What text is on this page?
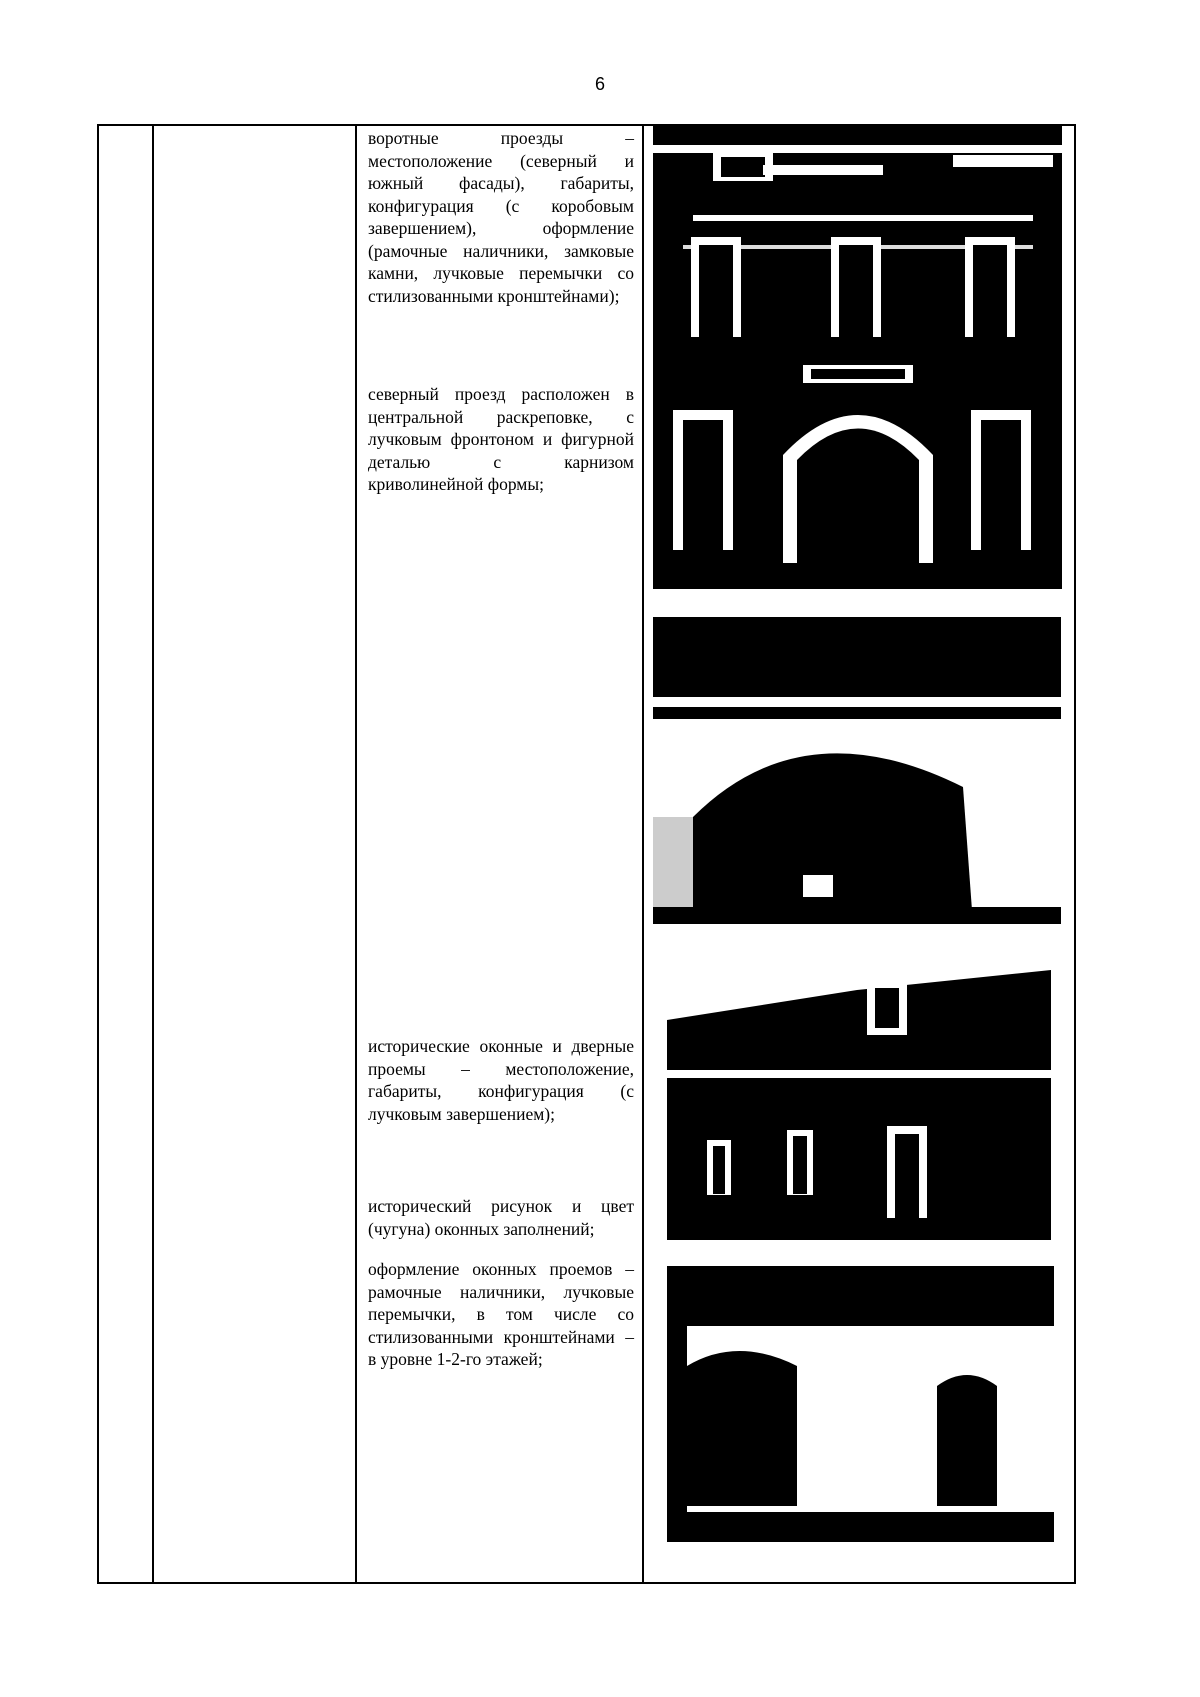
6
воротные проезды – местоположение (северный и южный фасады), габариты, конфигурация (с коробовым завершением), оформление (рамочные наличники, замковые камни, лучковые перемычки со стилизованными кронштейнами);
северный проезд расположен в центральной раскреповке, с лучковым фронтоном и фигурной деталью с карнизом криволинейной формы;
исторические оконные и дверные проемы – местоположение, габариты, конфигурация (с лучковым завершением);
исторический рисунок и цвет (чугуна) оконных заполнений;
оформление оконных проемов – рамочные наличники, лучковые перемычки, в том числе со стилизованными кронштейнами – в уровне 1-2-го этажей;
